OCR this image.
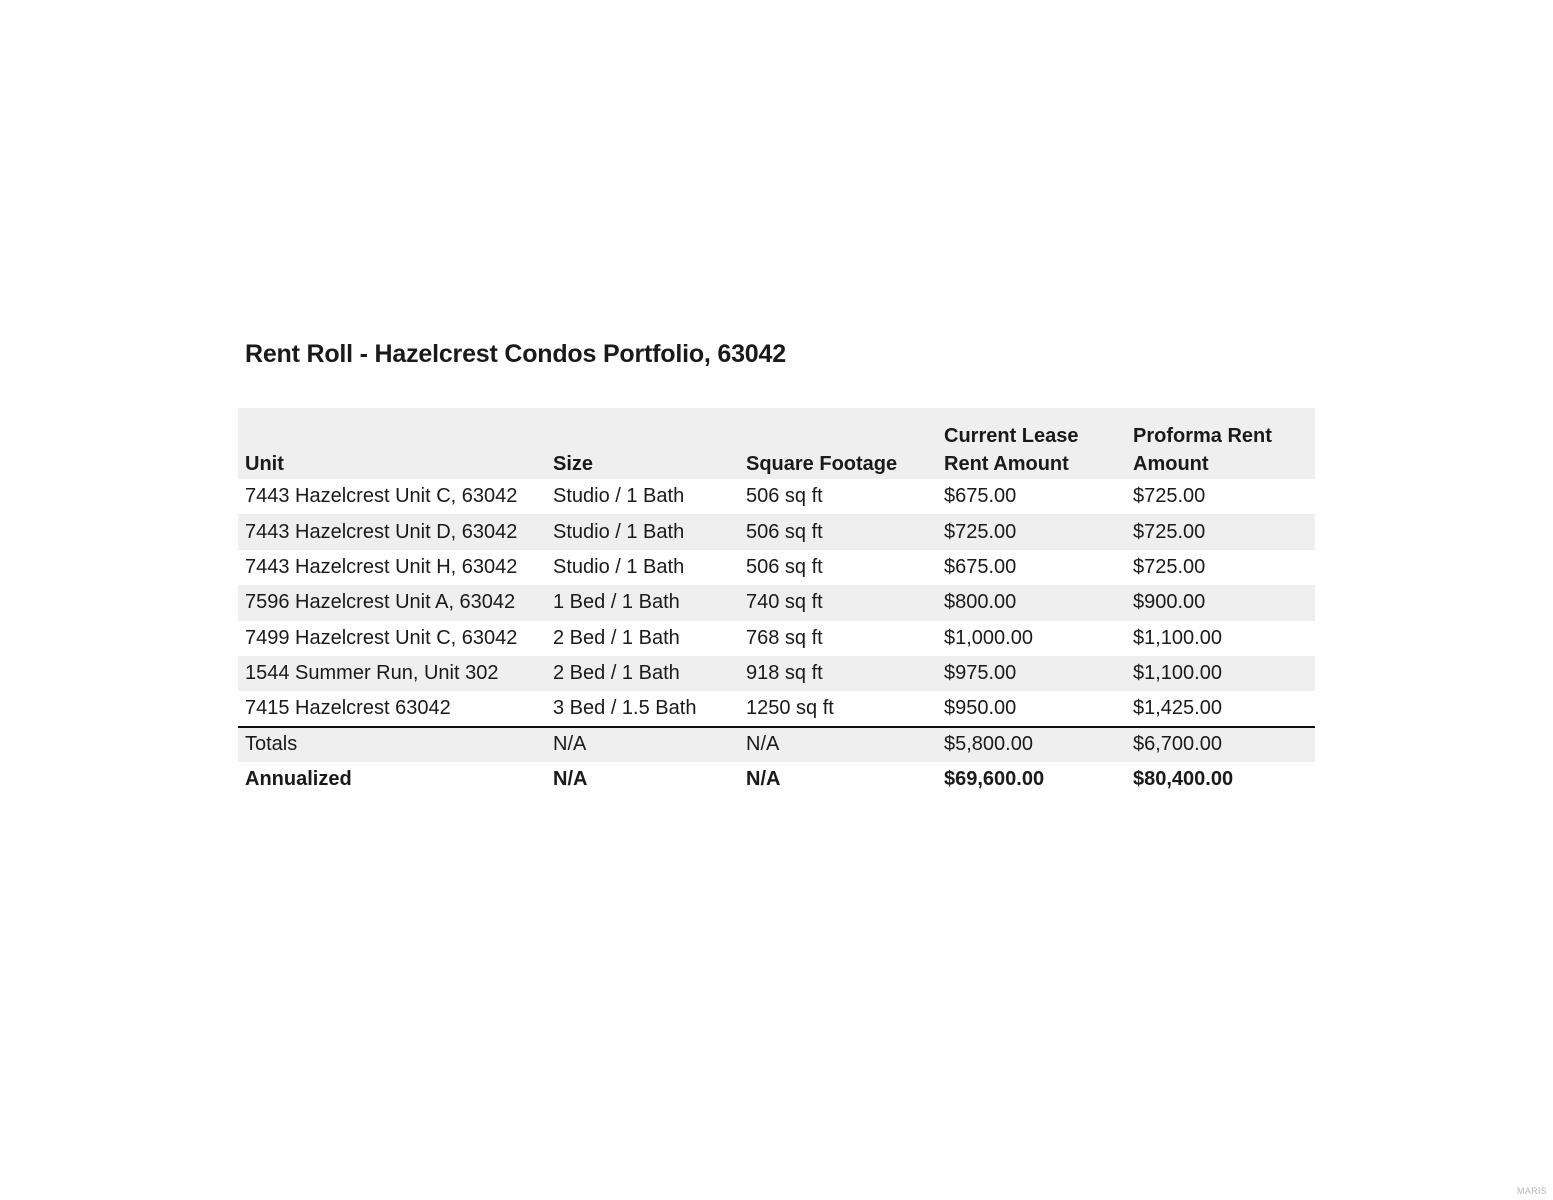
Rent Roll - Hazelcrest Condos Portfolio, 63042
Unit	Size	Square Footage	Current Lease Rent Amount	Proforma Rent Amount
7443 Hazelcrest Unit C, 63042	Studio / 1 Bath	506 sq ft	$675.00	$725.00
7443 Hazelcrest Unit D, 63042	Studio / 1 Bath	506 sq ft	$725.00	$725.00
7443 Hazelcrest Unit H, 63042	Studio / 1 Bath	506 sq ft	$675.00	$725.00
7596 Hazelcrest Unit A, 63042	1 Bed / 1 Bath	740 sq ft	$800.00	$900.00
7499 Hazelcrest Unit C, 63042	2 Bed / 1 Bath	768 sq ft	$1,000.00	$1,100.00
1544 Summer Run, Unit 302	2 Bed / 1 Bath	918 sq ft	$975.00	$1,100.00
7415 Hazelcrest 63042	3 Bed / 1.5 Bath	1250 sq ft	$950.00	$1,425.00
Totals	N/A	N/A	$5,800.00	$6,700.00
Annualized	N/A	N/A	$69,600.00	$80,400.00
MARIS
